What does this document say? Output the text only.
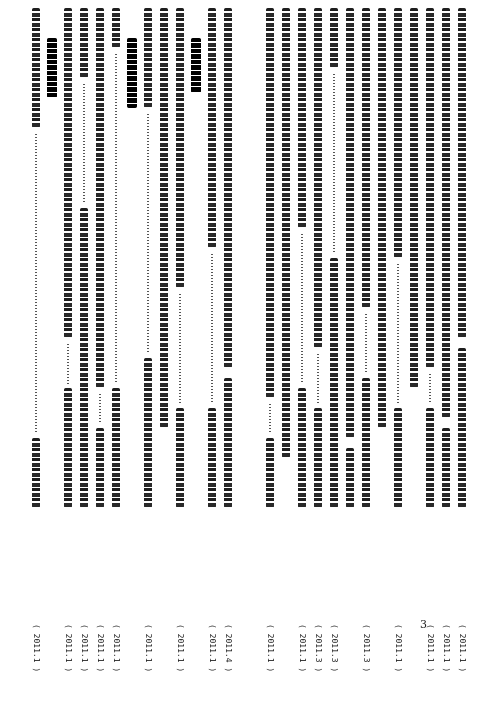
( 2011.1 )	( 2011.1 ) ( 2011.1 ) ( 2011.1 ) ( 2011.1 )	( 2011.1 )	( 2011.1 )	( 2011.1 ) ( 2011.4 )	( 2011.1 )	( 2011.1 ) ( 2011.3 ) ( 2011.3 )	( 2011.3 )	( 2011.1 )	( 2011.1 ) ( 2011.1 ) ( 2011.1 )
3
